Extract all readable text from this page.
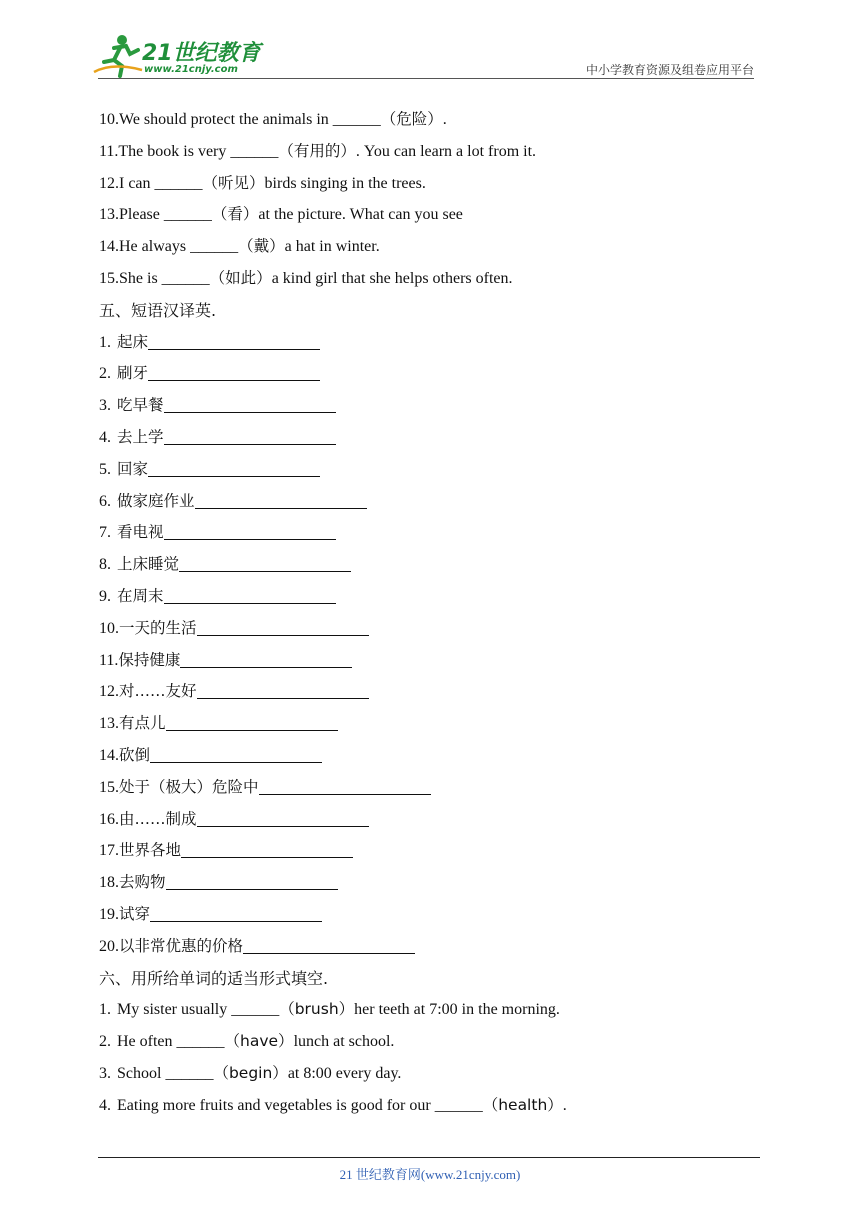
21世纪教育
www.21cnjy.com	中小学教育资源及组卷应用平台
10.We should protect the animals in ______（危险）.
11.The book is very ______（有用的）. You can learn a lot from it.
12.I can ______（听见）birds singing in the trees.
13.Please ______（看）at the picture. What can you see
14.He always ______（戴）a hat in winter.
15.She is ______（如此）a kind girl that she helps others often.
五、短语汉译英.
1. 起床
2. 刷牙
3. 吃早餐
4. 去上学
5. 回家
6. 做家庭作业
7. 看电视
8. 上床睡觉
9. 在周末
10.一天的生活
11.保持健康
12.对……友好
13.有点儿
14.砍倒
15.处于（极大）危险中
16.由……制成
17.世界各地
18.去购物
19.试穿
20.以非常优惠的价格
六、用所给单词的适当形式填空.
1. My sister usually ______（brush）her teeth at 7:00 in the morning.
2. He often ______（have）lunch at school.
3. School ______（begin）at 8:00 every day.
4. Eating more fruits and vegetables is good for our ______（health）.
21 世纪教育网(www.21cnjy.com)
